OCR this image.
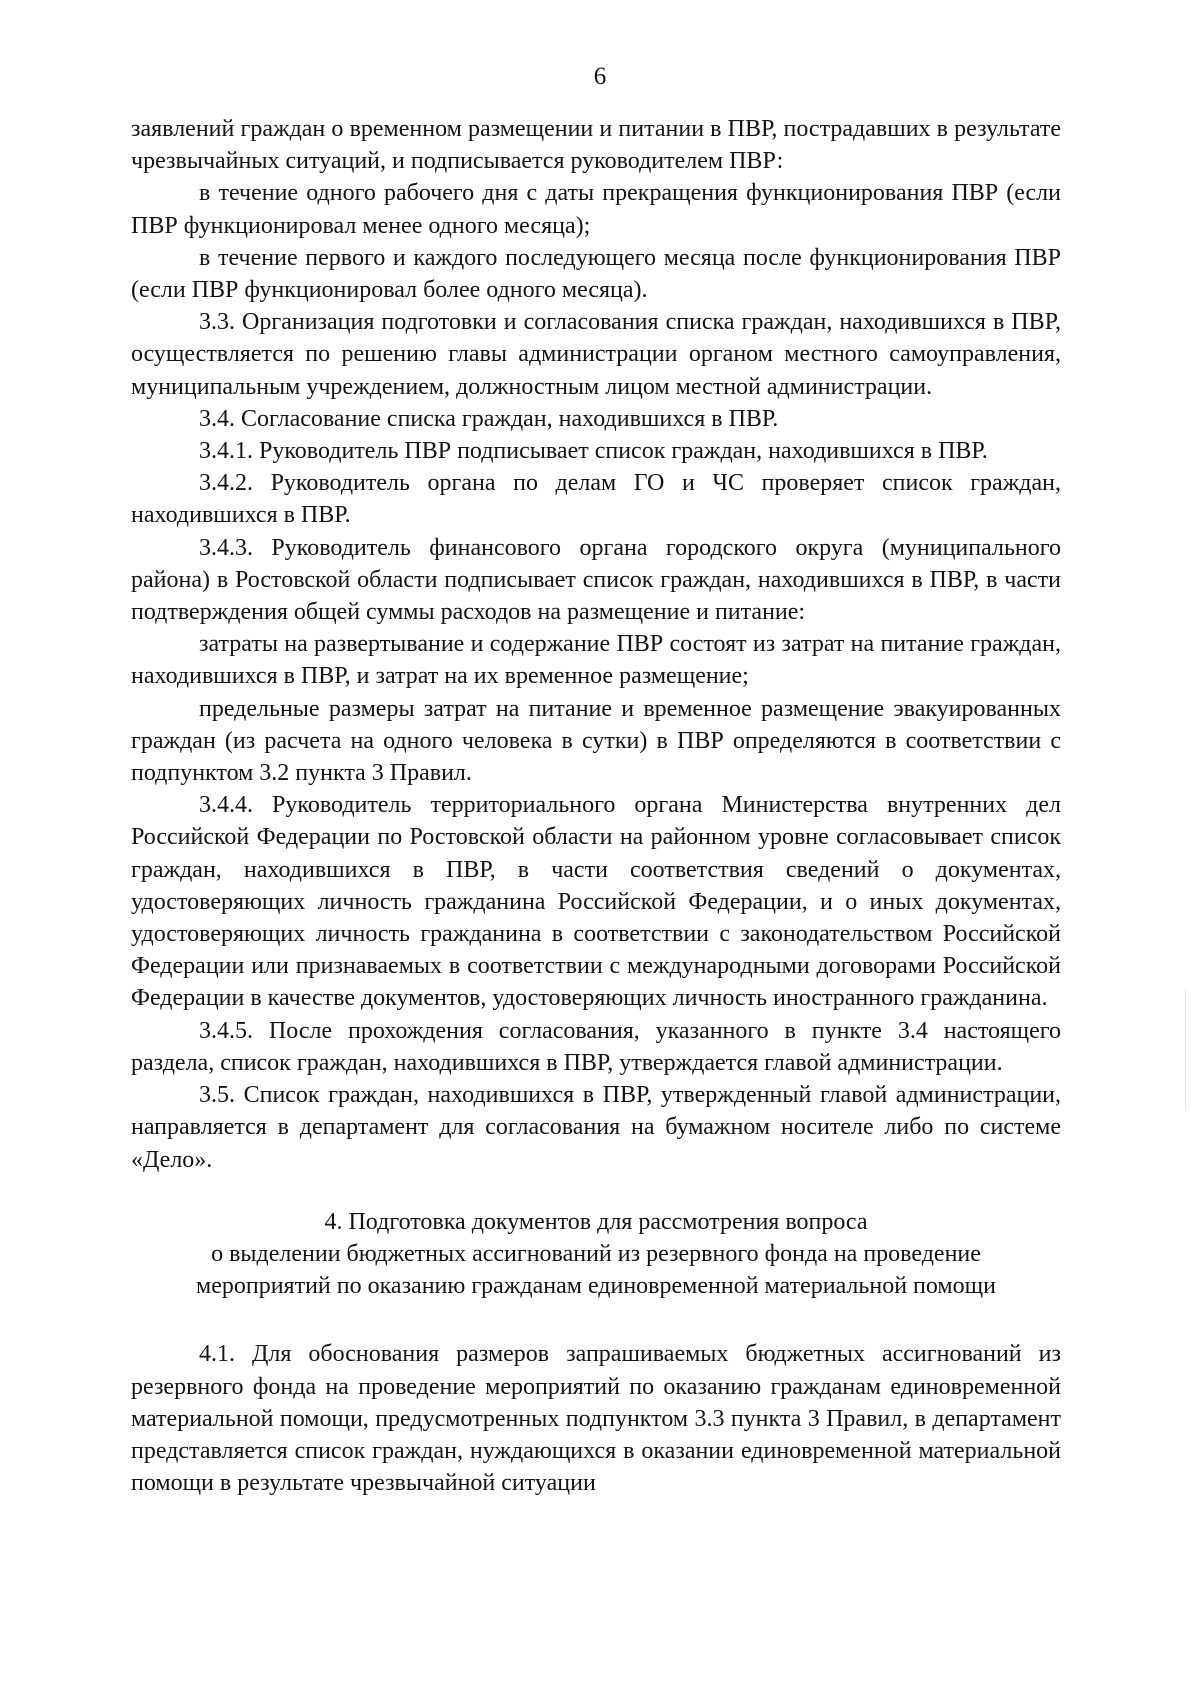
6

заявлений граждан о временном размещении и питании в ПВР, пострадавших в результате чрезвычайных ситуаций, и подписывается руководителем ПВР:

в течение одного рабочего дня с даты прекращения функционирования ПВР (если ПВР функционировал менее одного месяца);

в течение первого и каждого последующего месяца после функционирования ПВР (если ПВР функционировал более одного месяца).

3.3. Организация подготовки и согласования списка граждан, находившихся в ПВР, осуществляется по решению главы администрации органом местного самоуправления, муниципальным учреждением, должностным лицом местной администрации.

3.4. Согласование списка граждан, находившихся в ПВР.

3.4.1. Руководитель ПВР подписывает список граждан, находившихся в ПВР.

3.4.2. Руководитель органа по делам ГО и ЧС проверяет список граждан, находившихся в ПВР.

3.4.3. Руководитель финансового органа городского округа (муниципального района) в Ростовской области подписывает список граждан, находившихся в ПВР, в части подтверждения общей суммы расходов на размещение и питание:

затраты на развертывание и содержание ПВР состоят из затрат на питание граждан, находившихся в ПВР, и затрат на их временное размещение;

предельные размеры затрат на питание и временное размещение эвакуированных граждан (из расчета на одного человека в сутки) в ПВР определяются в соответствии с подпунктом 3.2 пункта 3 Правил.

3.4.4. Руководитель территориального органа Министерства внутренних дел Российской Федерации по Ростовской области на районном уровне согласовывает список граждан, находившихся в ПВР, в части соответствия сведений о документах, удостоверяющих личность гражданина Российской Федерации, и о иных документах, удостоверяющих личность гражданина в соответствии с законодательством Российской Федерации или признаваемых в соответствии с международными договорами Российской Федерации в качестве документов, удостоверяющих личность иностранного гражданина.

3.4.5. После прохождения согласования, указанного в пункте 3.4 настоящего раздела, список граждан, находившихся в ПВР, утверждается главой администрации.

3.5. Список граждан, находившихся в ПВР, утвержденный главой администрации, направляется в департамент для согласования на бумажном носителе либо по системе «Дело».

4. Подготовка документов для рассмотрения вопроса
о выделении бюджетных ассигнований из резервного фонда на проведение
мероприятий по оказанию гражданам единовременной материальной помощи

4.1. Для обоснования размеров запрашиваемых бюджетных ассигнований из резервного фонда на проведение мероприятий по оказанию гражданам единовременной материальной помощи, предусмотренных подпунктом 3.3 пункта 3 Правил, в департамент представляется список граждан, нуждающихся в оказании единовременной материальной помощи в результате чрезвычайной ситуации
